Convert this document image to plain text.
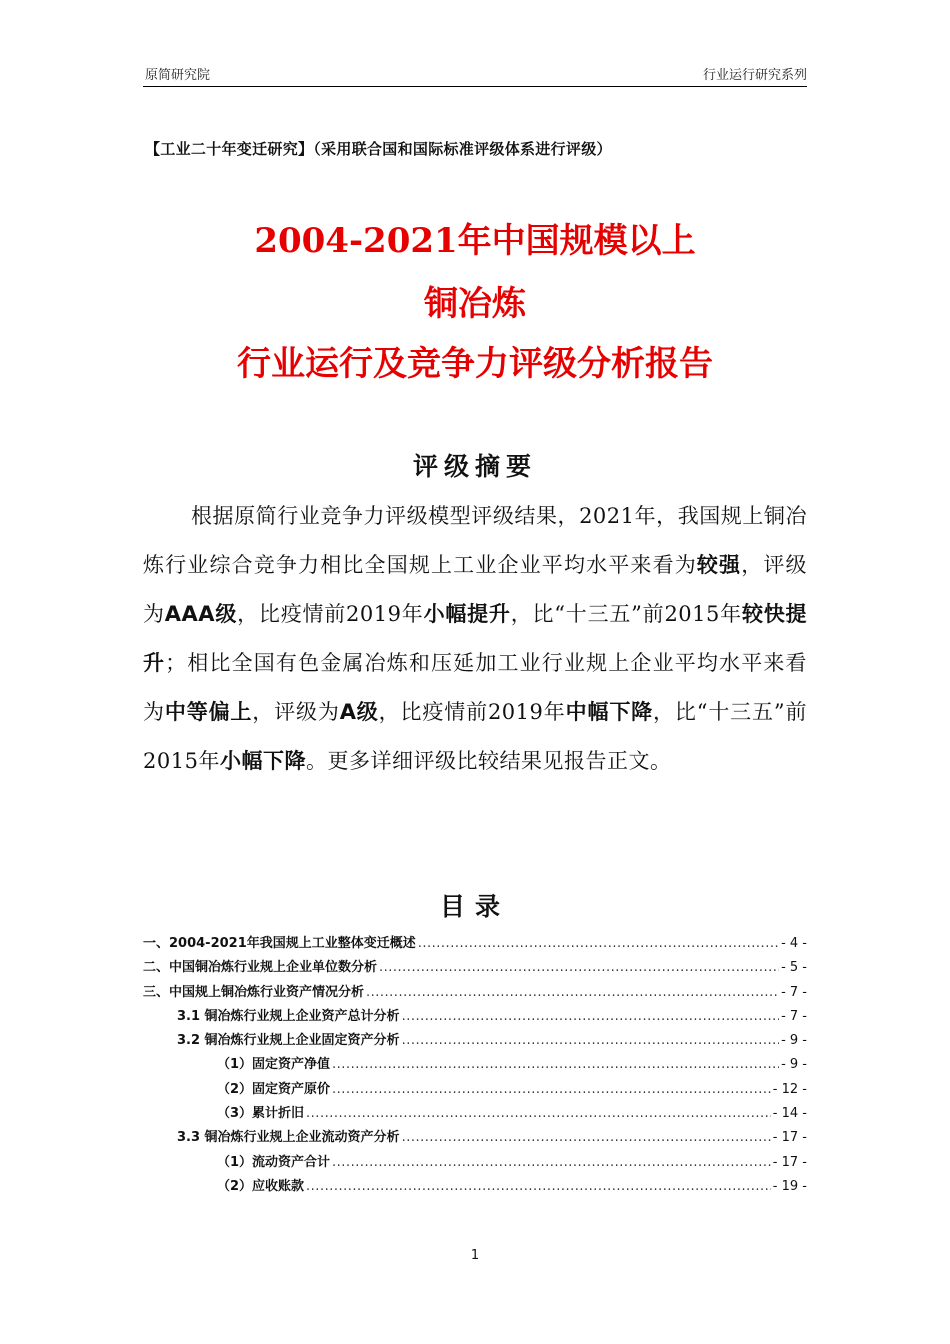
原简研究院	行业运行研究系列
【工业二十年变迁研究】（采用联合国和国际标准评级体系进行评级）
2004-2021年中国规模以上
铜冶炼
行业运行及竞争力评级分析报告
评级摘要
根据原简行业竞争力评级模型评级结果，2021年，我国规上铜冶炼行业综合竞争力相比全国规上工业企业平均水平来看为较强，评级为AAA级，比疫情前2019年小幅提升，比“十三五”前2015年较快提升；相比全国有色金属冶炼和压延加工业行业规上企业平均水平来看为中等偏上，评级为A级，比疫情前2019年中幅下降，比“十三五”前2015年小幅下降。更多详细评级比较结果见报告正文。
目录
一、2004-2021年我国规上工业整体变迁概述 .....	- 4 -
二、中国铜冶炼行业规上企业单位数分析 .....	- 5 -
三、中国规上铜冶炼行业资产情况分析 .....	- 7 -
3.1 铜冶炼行业规上企业资产总计分析 .....	- 7 -
3.2 铜冶炼行业规上企业固定资产分析 .....	- 9 -
（1）固定资产净值 .....	- 9 -
（2）固定资产原价 .....	- 12 -
（3）累计折旧 .....	- 14 -
3.3 铜冶炼行业规上企业流动资产分析 .....	- 17 -
（1）流动资产合计 .....	- 17 -
（2）应收账款 .....	- 19 -
1
